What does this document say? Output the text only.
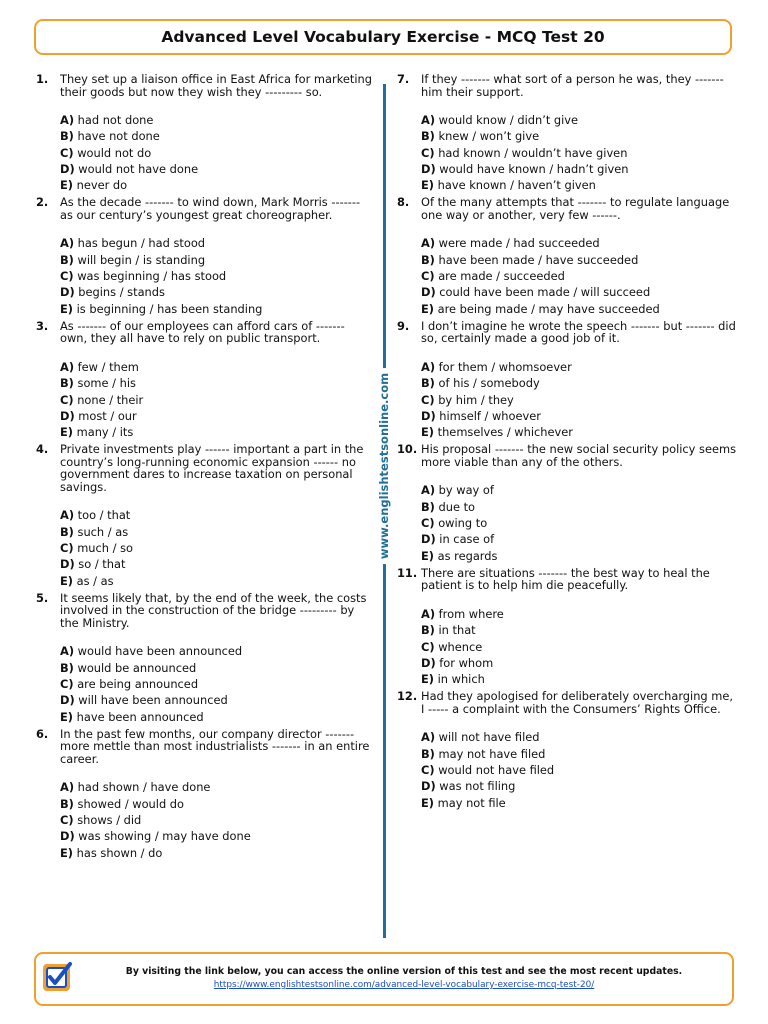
Advanced Level Vocabulary Exercise - MCQ Test 20
1. They set up a liaison office in East Africa for marketing their goods but now they wish they --------- so.
A) had not done
B) have not done
C) would not do
D) would not have done
E) never do
2. As the decade ------- to wind down, Mark Morris ------- as our century’s youngest great choreographer.
A) has begun / had stood
B) will begin / is standing
C) was beginning / has stood
D) begins / stands
E) is beginning / has been standing
3. As ------- of our employees can afford cars of ------- own, they all have to rely on public transport.
A) few / them
B) some / his
C) none / their
D) most / our
E) many / its
4. Private investments play ------ important a part in the country’s long-running economic expansion ------ no government dares to increase taxation on personal savings.
A) too / that
B) such / as
C) much / so
D) so / that
E) as / as
5. It seems likely that, by the end of the week, the costs involved in the construction of the bridge --------- by the Ministry.
A) would have been announced
B) would be announced
C) are being announced
D) will have been announced
E) have been announced
6. In the past few months, our company director ------- more mettle than most industrialists ------- in an entire career.
A) had shown / have done
B) showed / would do
C) shows / did
D) was showing / may have done
E) has shown / do
www.englishtestsonline.com
7. If they ------- what sort of a person he was, they ------- him their support.
A) would know / didn’t give
B) knew / won’t give
C) had known / wouldn’t have given
D) would have known / hadn’t given
E) have known / haven’t given
8. Of the many attempts that ------- to regulate language one way or another, very few ------.
A) were made / had succeeded
B) have been made / have succeeded
C) are made / succeeded
D) could have been made / will succeed
E) are being made / may have succeeded
9. I don’t imagine he wrote the speech ------- but ------- did so, certainly made a good job of it.
A) for them / whomsoever
B) of his / somebody
C) by him / they
D) himself / whoever
E) themselves / whichever
10. His proposal ------- the new social security policy seems more viable than any of the others.
A) by way of
B) due to
C) owing to
D) in case of
E) as regards
11. There are situations ------- the best way to heal the patient is to help him die peacefully.
A) from where
B) in that
C) whence
D) for whom
E) in which
12. Had they apologised for deliberately overcharging me, I ----- a complaint with the Consumers’ Rights Office.
A) will not have filed
B) may not have filed
C) would not have filed
D) was not filing
E) may not file
By visiting the link below, you can access the online version of this test and see the most recent updates.
https://www.englishtestsonline.com/advanced-level-vocabulary-exercise-mcq-test-20/
